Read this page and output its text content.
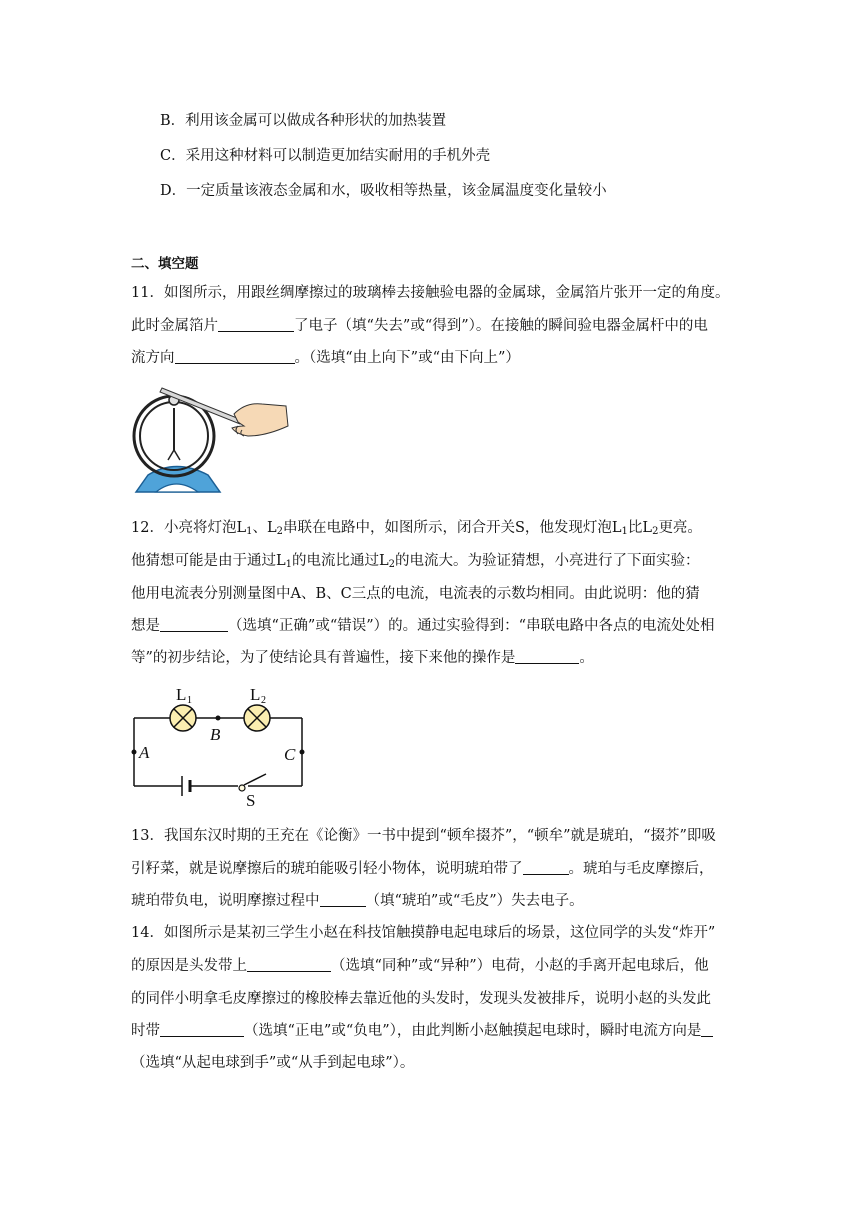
B．利用该金属可以做成各种形状的加热装置
C．采用这种材料可以制造更加结实耐用的手机外壳
D．一定质量该液态金属和水，吸收相等热量，该金属温度变化量较小
二、填空题
11．如图所示，用跟丝绸摩擦过的玻璃棒去接触验电器的金属球，金属箔片张开一定的角度。
此时金属箔片	了电子（填“失去”或“得到”）。在接触的瞬间验电器金属杆中的电
流方向	。（选填“由上向下”或“由下向上”）
12．小亮将灯泡$L_1$、$L_2$串联在电路中，如图所示，闭合开关S，他发现灯泡$L_1$比$L_2$更亮。
他猜想可能是由于通过$L_1$的电流比通过$L_2$的电流大。为验证猜想，小亮进行了下面实验：
他用电流表分别测量图中A、B、C三点的电流，电流表的示数均相同。由此说明：他的猜
想是	（选填“正确”或“错误”）的。通过实验得到：“串联电路中各点的电流处处相
等”的初步结论，为了使结论具有普遍性，接下来他的操作是	。
L 1	L 2
B
A	C
S
13．我国东汉时期的王充在《论衡》一书中提到“顿牟掇芥”，“顿牟”就是琥珀，“掇芥”即吸
引籽菜，就是说摩擦后的琥珀能吸引轻小物体，说明琥珀带了	。琥珀与毛皮摩擦后，
琥珀带负电，说明摩擦过程中	（填“琥珀”或“毛皮”）失去电子。
14．如图所示是某初三学生小赵在科技馆触摸静电起电球后的场景，这位同学的头发“炸开”
的原因是头发带上	（选填“同种”或“异种”）电荷，小赵的手离开起电球后，他
的同伴小明拿毛皮摩擦过的橡胶棒去靠近他的头发时，发现头发被排斥，说明小赵的头发此
时带	（选填“正电”或“负电”），由此判断小赵触摸起电球时，瞬时电流方向是
（选填“从起电球到手”或“从手到起电球”）。
